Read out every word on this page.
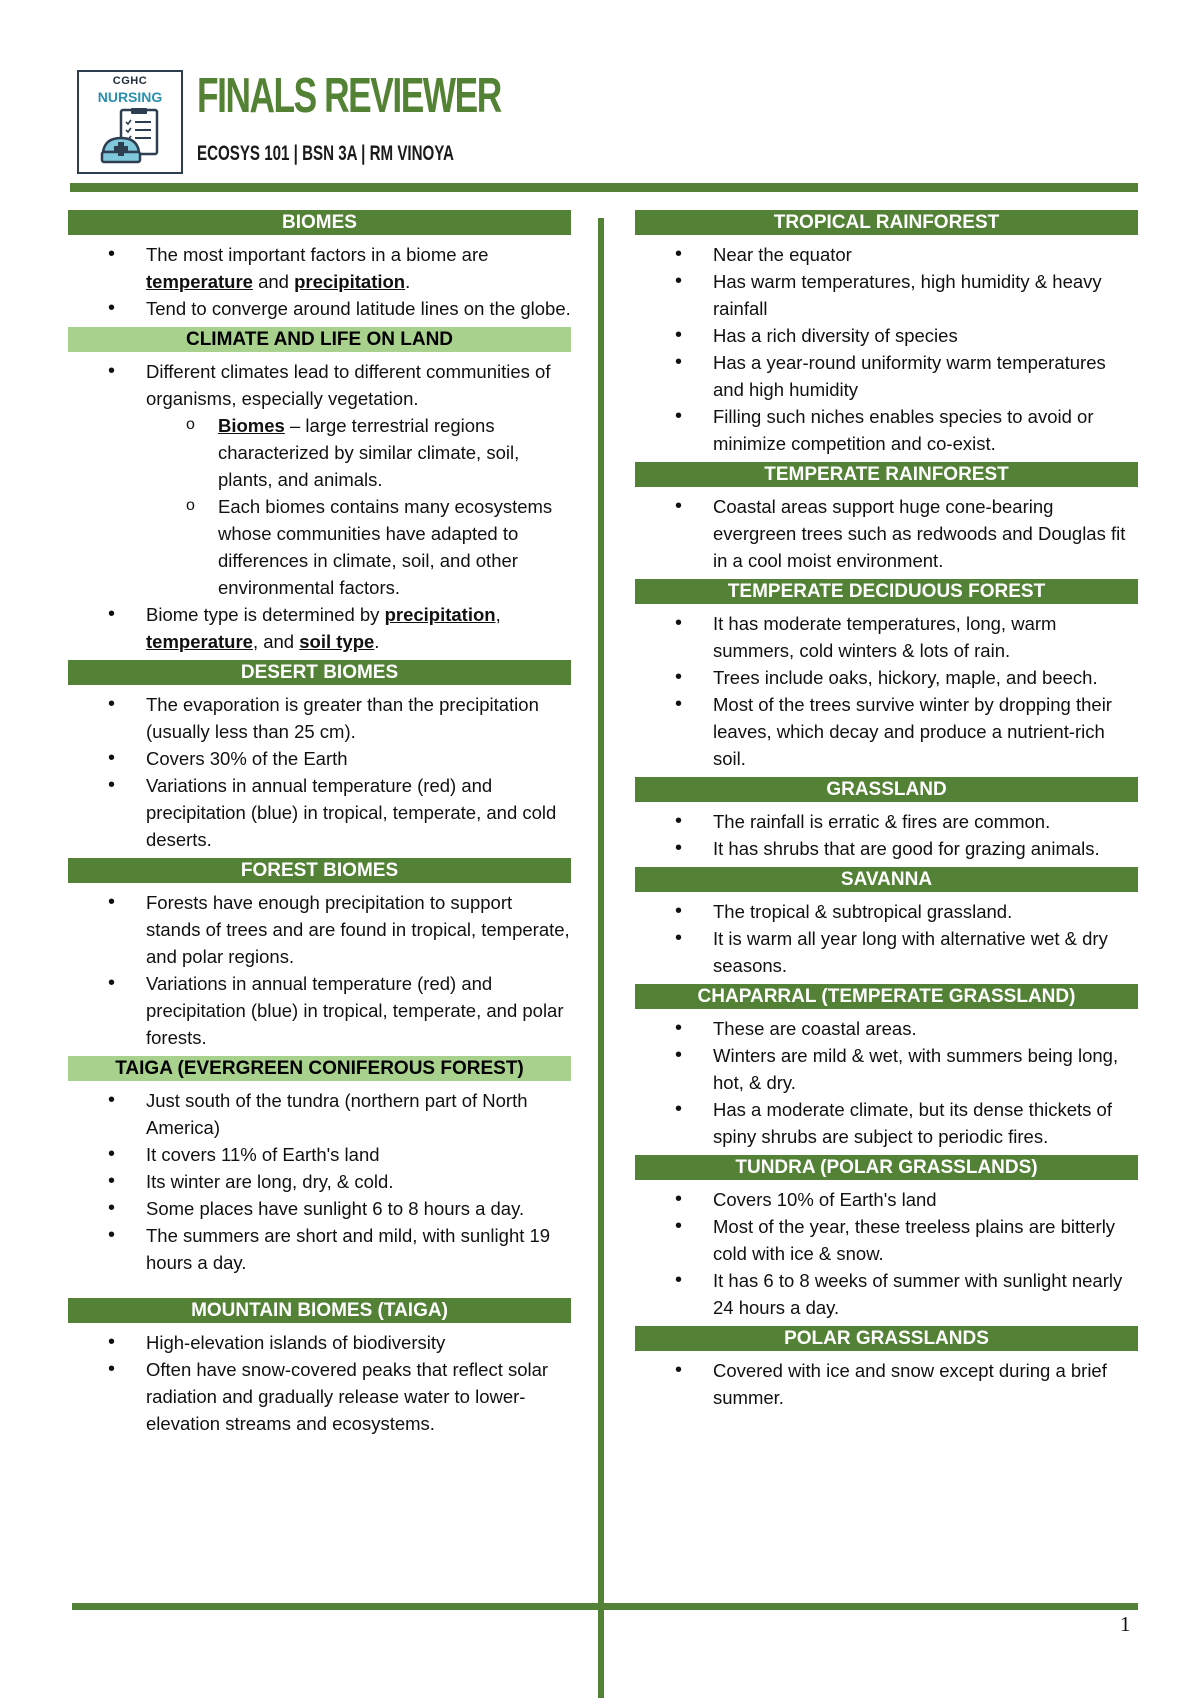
CGHC
NURSING FINALS REVIEWER
ECOSYS 101 | BSN 3A | RM VINOYA
1
BIOMES
• The most important factors in a biome are temperature and precipitation.
• Tend to converge around latitude lines on the globe.
CLIMATE AND LIFE ON LAND
• Different climates lead to different communities of organisms, especially vegetation.
o Biomes – large terrestrial regions characterized by similar climate, soil, plants, and animals.
o Each biomes contains many ecosystems whose communities have adapted to differences in climate, soil, and other environmental factors.
• Biome type is determined by precipitation, temperature, and soil type.
DESERT BIOMES
• The evaporation is greater than the precipitation (usually less than 25 cm).
• Covers 30% of the Earth
• Variations in annual temperature (red) and precipitation (blue) in tropical, temperate, and cold deserts.
FOREST BIOMES
• Forests have enough precipitation to support stands of trees and are found in tropical, temperate, and polar regions.
• Variations in annual temperature (red) and precipitation (blue) in tropical, temperate, and polar forests.
TAIGA (EVERGREEN CONIFEROUS FOREST)
• Just south of the tundra (northern part of North America)
• It covers 11% of Earth's land
• Its winter are long, dry, & cold.
• Some places have sunlight 6 to 8 hours a day.
• The summers are short and mild, with sunlight 19 hours a day.
MOUNTAIN BIOMES (TAIGA)
• High-elevation islands of biodiversity
• Often have snow-covered peaks that reflect solar radiation and gradually release water to lower-elevation streams and ecosystems.
TROPICAL RAINFOREST
• Near the equator
• Has warm temperatures, high humidity & heavy rainfall
• Has a rich diversity of species
• Has a year-round uniformity warm temperatures and high humidity
• Filling such niches enables species to avoid or minimize competition and co-exist.
TEMPERATE RAINFOREST
• Coastal areas support huge cone-bearing evergreen trees such as redwoods and Douglas fit in a cool moist environment.
TEMPERATE DECIDUOUS FOREST
• It has moderate temperatures, long, warm summers, cold winters & lots of rain.
• Trees include oaks, hickory, maple, and beech.
• Most of the trees survive winter by dropping their leaves, which decay and produce a nutrient-rich soil.
GRASSLAND
• The rainfall is erratic & fires are common.
• It has shrubs that are good for grazing animals.
SAVANNA
• The tropical & subtropical grassland.
• It is warm all year long with alternative wet & dry seasons.
CHAPARRAL (TEMPERATE GRASSLAND)
• These are coastal areas.
• Winters are mild & wet, with summers being long, hot, & dry.
• Has a moderate climate, but its dense thickets of spiny shrubs are subject to periodic fires.
TUNDRA (POLAR GRASSLANDS)
• Covers 10% of Earth's land
• Most of the year, these treeless plains are bitterly cold with ice & snow.
• It has 6 to 8 weeks of summer with sunlight nearly 24 hours a day.
POLAR GRASSLANDS
• Covered with ice and snow except during a brief summer.
